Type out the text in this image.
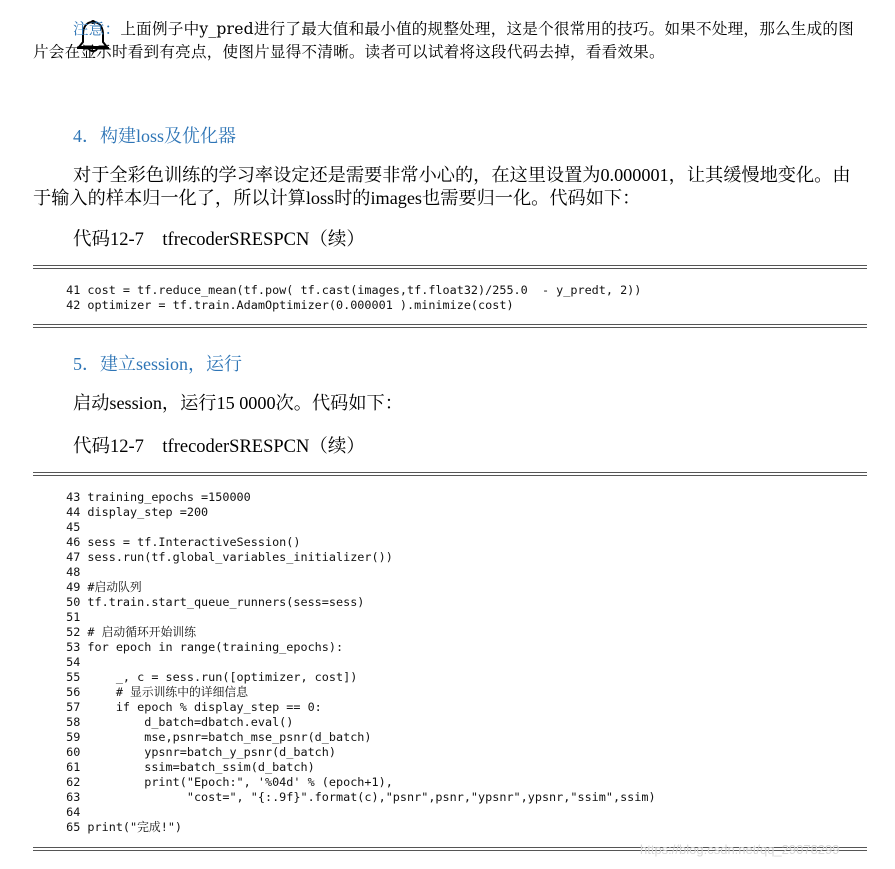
注意：上面例子中y_pred进行了最大值和最小值的规整处理，这是个很常用的技巧。如果不处理，那么生成的图片会在显示时看到有亮点，使图片显得不清晰。读者可以试着将这段代码去掉，看看效果。
4．构建loss及优化器
对于全彩色训练的学习率设定还是需要非常小心的，在这里设置为0.000001，让其缓慢地变化。由于输入的样本归一化了，所以计算loss时的images也需要归一化。代码如下：
代码12-7　tfrecoderSRESPCN（续）
41 cost = tf.reduce_mean(tf.pow( tf.cast(images,tf.float32)/255.0  - y_predt, 2))
42 optimizer = tf.train.AdamOptimizer(0.000001 ).minimize(cost)
5．建立session，运行
启动session，运行15 0000次。代码如下：
代码12-7　tfrecoderSRESPCN（续）
43 training_epochs =150000
44 display_step =200
45
46 sess = tf.InteractiveSession()
47 sess.run(tf.global_variables_initializer())
48
49 #启动队列
50 tf.train.start_queue_runners(sess=sess)
51
52 # 启动循环开始训练
53 for epoch in range(training_epochs):
54
55     _, c = sess.run([optimizer, cost])
56     # 显示训练中的详细信息
57     if epoch % display_step == 0:
58         d_batch=dbatch.eval()
59         mse,psnr=batch_mse_psnr(d_batch)
60         ypsnr=batch_y_psnr(d_batch)
61         ssim=batch_ssim(d_batch)
62         print("Epoch:", '%04d' % (epoch+1),
63               "cost=", "{:.9f}".format(c),"psnr",psnr,"ypsnr",ypsnr,"ssim",ssim)
64
65 print("完成!")
https://blog.csdn.net/qq_29078299
